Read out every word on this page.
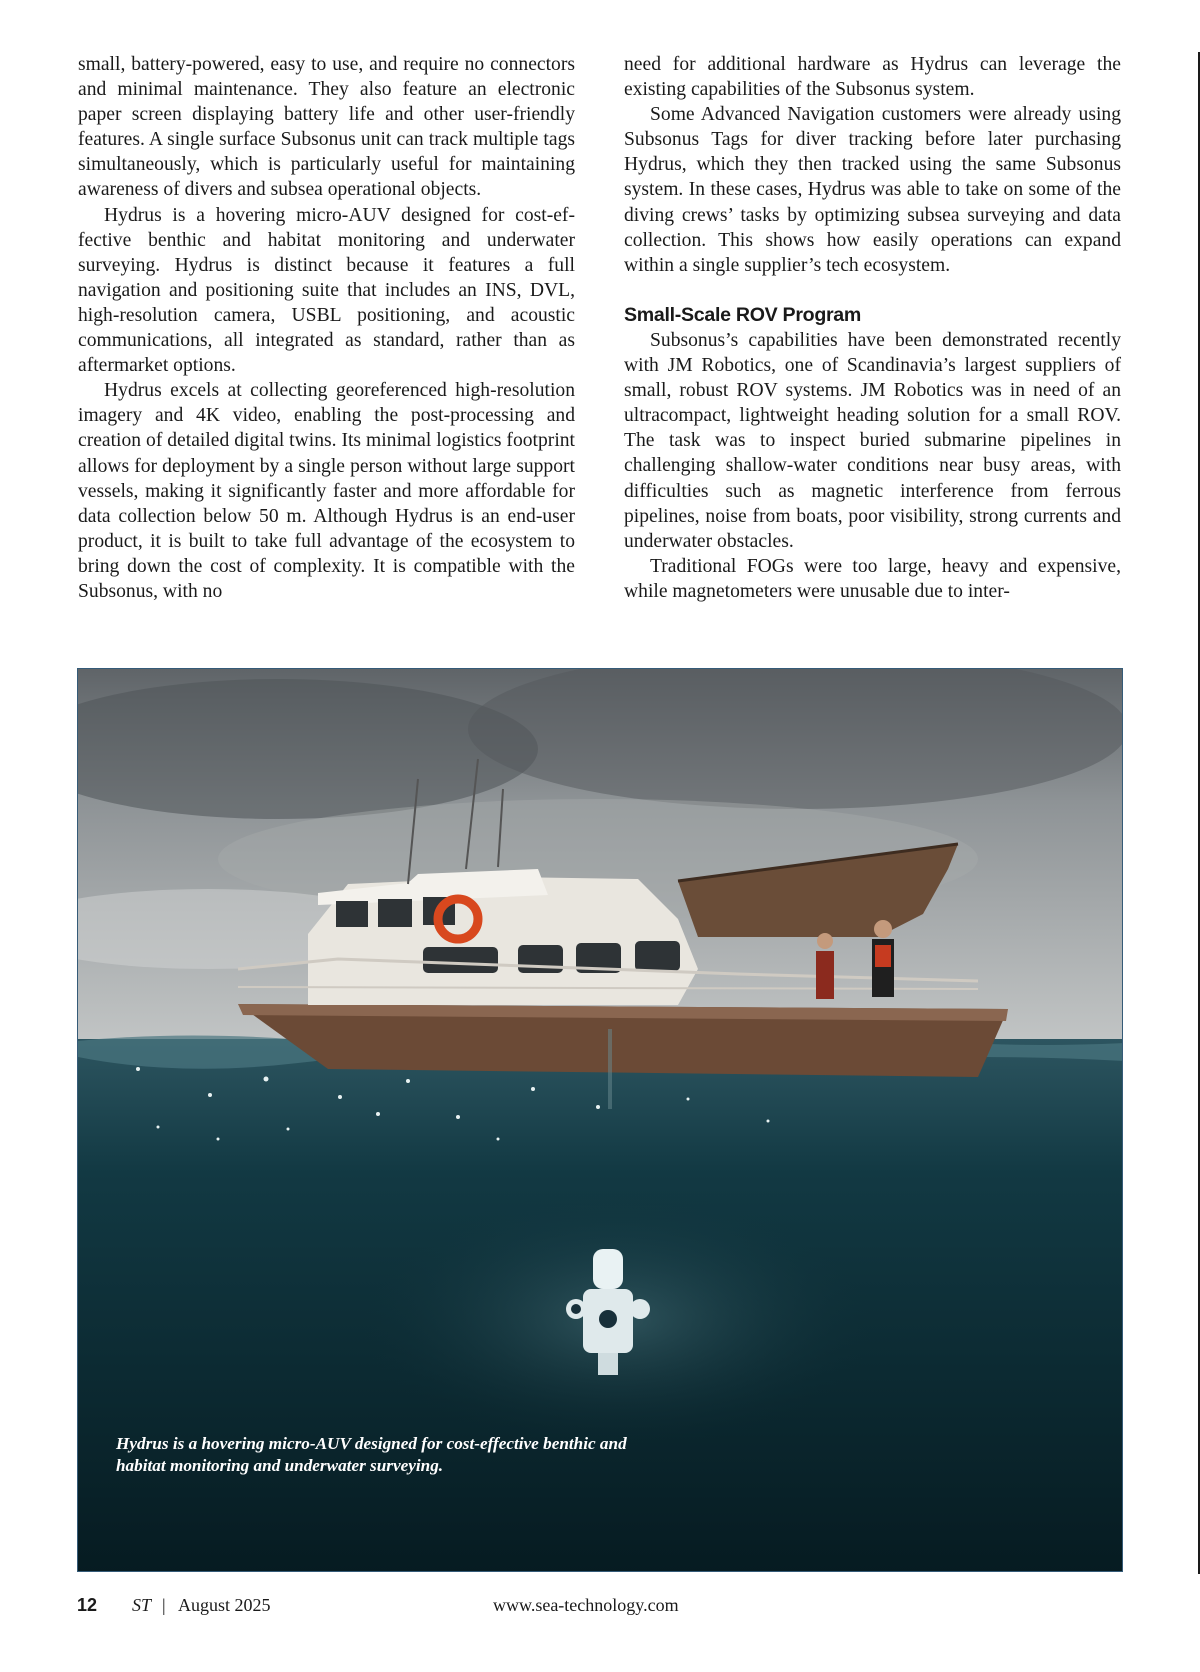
small, battery-powered, easy to use, and require no connectors and minimal maintenance. They also feature an electronic paper screen displaying battery life and other user-friendly features. A single surface Subsonus unit can track multiple tags simultaneously, which is particularly useful for maintaining awareness of divers and subsea operational objects.

Hydrus is a hovering micro-AUV designed for cost-effective benthic and habitat monitoring and underwater surveying. Hydrus is distinct because it features a full navigation and positioning suite that includes an INS, DVL, high-resolution camera, USBL positioning, and acoustic communications, all integrated as standard, rather than as aftermarket options.

Hydrus excels at collecting georeferenced high-resolution imagery and 4K video, enabling the post-processing and creation of detailed digital twins. Its minimal logistics footprint allows for deployment by a single person without large support vessels, making it significantly faster and more affordable for data collection below 50 m. Although Hydrus is an end-user product, it is built to take full advantage of the ecosystem to bring down the cost of complexity. It is compatible with the Subsonus, with no

need for additional hardware as Hydrus can leverage the existing capabilities of the Subsonus system.

Some Advanced Navigation customers were already using Subsonus Tags for diver tracking before later purchasing Hydrus, which they then tracked using the same Subsonus system. In these cases, Hydrus was able to take on some of the diving crews’ tasks by optimizing subsea surveying and data collection. This shows how easily operations can expand within a single supplier’s tech ecosystem.

Small-Scale ROV Program

Subsonus’s capabilities have been demonstrated recently with JM Robotics, one of Scandinavia’s largest suppliers of small, robust ROV systems. JM Robotics was in need of an ultracompact, lightweight heading solution for a small ROV. The task was to inspect buried submarine pipelines in challenging shallow-water conditions near busy areas, with difficulties such as magnetic interference from ferrous pipelines, noise from boats, poor visibility, strong currents and underwater obstacles.

Traditional FOGs were too large, heavy and expensive, while magnetometers were unusable due to inter-

Hydrus is a hovering micro-AUV designed for cost-effective benthic and habitat monitoring and underwater surveying.
12 ST | August 2025	www.sea-technology.com
